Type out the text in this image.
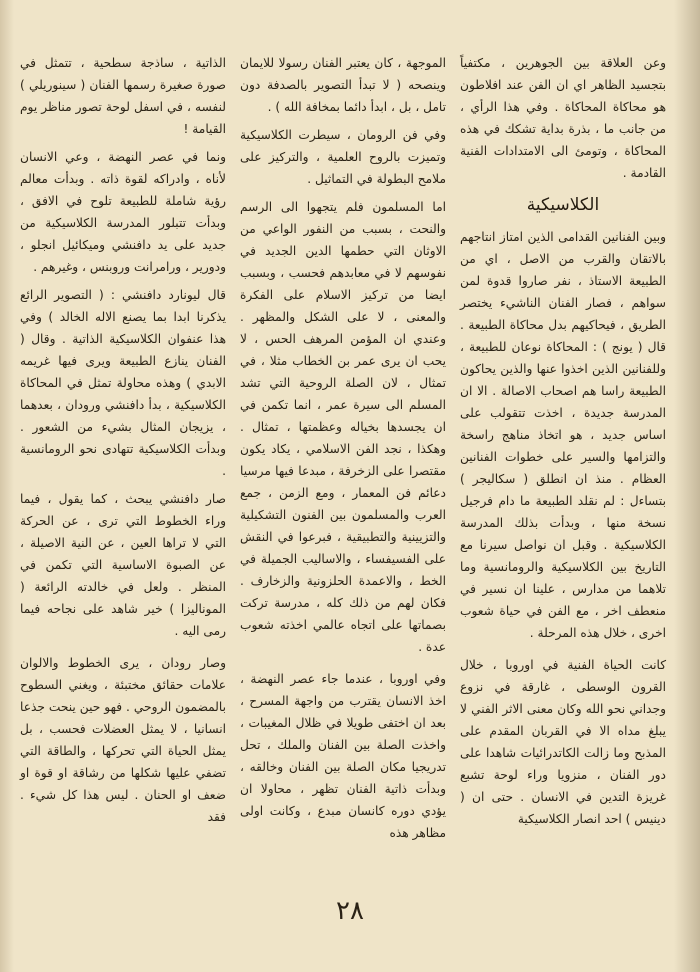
وعن العلاقة بين الجوهرين ، مكتفياً بتجسيد الظاهر اي ان الفن عند افلاطون هو محاكاة المحاكاة . وفي هذا الرأي ، من جانب ما ، بذرة بداية تشكك في هذه المحاكاة ، وتومئ الى الامتدادات الفنية القادمة .

الكلاسيكية

وبين الفنانين القدامى الذين امتاز انتاجهم بالاتقان والقرب من الاصل ، اي من الطبيعة الاستاذ ، نفر صاروا قدوة لمن سواهم ، فصار الفنان الناشيء يختصر الطريق ، فيحاكيهم بدل محاكاة الطبيعة . قال ( يونج ) : المحاكاة نوعان للطبيعة ، وللفنانين الذين اخذوا عنها والذين يحاكون الطبيعة راسا هم اصحاب الاصالة . الا ان المدرسة جديدة ، اخذت تتقولب على اساس جديد ، هو اتخاذ مناهج راسخة والتزامها والسير على خطوات الفنانين العظام . منذ ان انطلق ( سكاليجر ) بتساءل : لم نقلد الطبيعة ما دام فرجيل نسخة منها ، وبدأت بذلك المدرسة الكلاسيكية . وقبل ان نواصل سيرنا مع التاريخ بين الكلاسيكية والرومانسية وما تلاهما من مدارس ، علينا ان نسير في منعطف اخر ، مع الفن في حياة شعوب اخرى ، خلال هذه المرحلة .

كانت الحياة الفنية في اوروبا ، خلال القرون الوسطى ، غارقة في نزوع وجداني نحو الله وكان معنى الاثر الفني لا يبلغ مداه الا في القربان المقدم على المذبح وما زالت الكاتدرائيات شاهدا على دور الفنان ، منزويا وراء لوحة تشبع غريزة التدين في الانسان . حتى ان ( دينيس ) احد انصار الكلاسيكية

الموجهة ، كان يعتبر الفنان رسولا للايمان وينصحه ( لا تبدأ التصوير بالصدفة دون تامل ، بل ، ابدأ دائما بمخافة الله ) .

وفي فن الرومان ، سيطرت الكلاسيكية وتميزت بالروح العلمية ، والتركيز على ملامح البطولة في التماثيل .

اما المسلمون فلم يتجهوا الى الرسم والنحت ، بسبب من النفور الواعي من الاوثان التي حطمها الدين الجديد في نفوسهم لا في معابدهم فحسب ، وبسبب ايضا من تركيز الاسلام على الفكرة والمعنى ، لا على الشكل والمظهر . وعندي ان المؤمن المرهف الحس ، لا يحب ان يرى عمر بن الخطاب مثلا ، في تمثال ، لان الصلة الروحية التي تشد المسلم الى سيرة عمر ، انما تكمن في ان يجسدها بخياله وعظمتها ، تمثال . وهكذا ، نجد الفن الاسلامي ، يكاد يكون مقتصرا على الزخرفة ، مبدعا فيها مرسيا دعائم فن المعمار ، ومع الزمن ، جمع العرب والمسلمون بين الفنون التشكيلية والتزيينية والتطبيقية ، فبرعوا في النقش على الفسيفساء ، والاساليب الجميلة في الخط ، والاعمدة الحلزونية والزخارف . فكان لهم من ذلك كله ، مدرسة تركت بصماتها على اتجاه عالمي اخذته شعوب عدة .

وفي اوروبا ، عندما جاء عصر النهضة ، اخذ الانسان يقترب من واجهة المسرح ، بعد ان اختفى طويلا في ظلال المغيبات ، واخذت الصلة بين الفنان والملك ، تحل تدريجيا مكان الصلة بين الفنان وخالقه ، وبدأت ذاتية الفنان تظهر ، محاولا ان يؤدي دوره كانسان مبدع ، وكانت اولى مظاهر هذه

الذاتية ، ساذجة سطحية ، تتمثل في صورة صغيرة رسمها الفنان ( سينوريلي ) لنفسه ، في اسفل لوحة تصور مناظر يوم القيامة !

ونما في عصر النهضة ، وعي الانسان لأناه ، وادراكه لقوة ذاته . وبدأت معالم رؤية شاملة للطبيعة تلوح في الافق ، وبدأت تتبلور المدرسة الكلاسيكية من جديد على يد دافنشي وميكائيل انجلو ، ودورير ، ورامرانت وروبنس ، وغيرهم .

قال ليونارد دافنشي : ( التصوير الرائع يذكرنا ابدا بما يصنع الاله الخالد ) وفي هذا عنفوان الكلاسيكية الذاتية . وقال ( الفنان ينازع الطبيعة ويرى فيها غريمه الابدي ) وهذه محاولة تمثل في المحاكاة الكلاسيكية ، بدأ دافنشي ورودان ، بعدهما ، يزيجان المثال بشيء من الشعور . وبدأت الكلاسيكية تتهادى نحو الرومانسية .

صار دافنشي يبحث ، كما يقول ، فيما وراء الخطوط التي ترى ، عن الحركة التي لا تراها العين ، عن النية الاصيلة ، عن الصبوة الاساسية التي تكمن في المنظر . ولعل في خالدته الرائعة ( الموناليزا ) خير شاهد على نجاحه فيما رمى اليه .

وصار رودان ، يرى الخطوط والالوان علامات حقائق مختبئة ، ويغني السطوح بالمضمون الروحي . فهو حين ينحت جذعا انسانيا ، لا يمثل العضلات فحسب ، بل يمثل الحياة التي تحركها ، والطاقة التي تضفي عليها شكلها من رشاقة او قوة او ضعف او الحنان . ليس هذا كل شيء . فقد

٢٨
